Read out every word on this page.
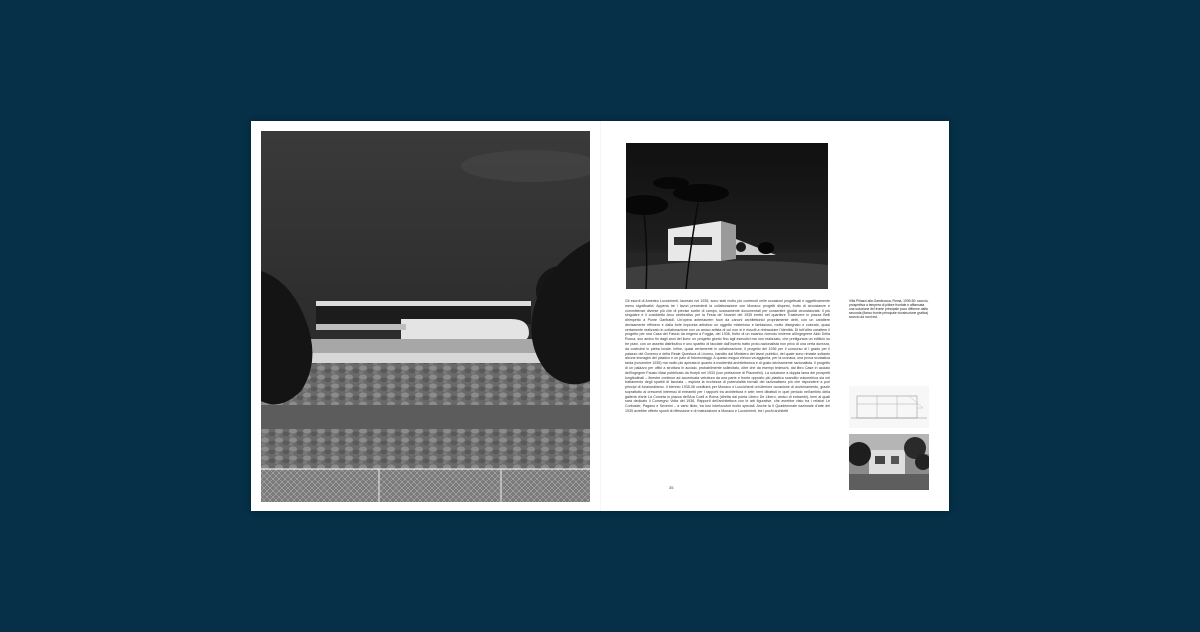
Gli esordi di Amedeo Luccichenti, laureato nel 1935, sono stati molto più contenuti nelle occasioni progettuali e oggettivamente meno significativi. Appena tre i lavori precedenti la collaborazione con Monaco: progetti dispersi, frutto di circostanze e committenze diverse più che di precise scelte di campo, scarsamente documentati per consentire giudizi circostanziati. Il più singolare è il cosiddetto Arco celebrativo per la Festa de' Noantri del 1935 eretto nel quartiere Trastevere in piazza Belli dirimpetto a Ponte Garibaldi. Un'opera anteriaurem fuori da canoni architettonici propriamente detti, con un carattere decisamente effimero e dalla forte impronta artistica: un oggetto misterioso e fantasioso, molto disegnato e colorato, quasi certamente realizzato in collaborazione con un amico artista di cui non si è riusciti a rintracciare l'identità. Di tutt'altro carattere il progetto per una Casa del Fascio da erigersi a Foggia, del 1936, frutto di un incarico ricevuto insieme all'ingegnere Aldo Della Rocca, suo amico fin dagli anni del liceo: un progetto giunto fino agli esecutivi ma non realizzato, che prefigurava un edificio su tre piani, con un assetto distributivo e uno spartito di facciate dall'incerto tratto proto-razionalista non privo di una certa durezza, da costruirsi in pietra locale. Infine, quasi certamente in collaborazione, il progetto del 1936 per il concorso di I grado per il palazzo del Governo e della Reale Questura di Livorno, bandito dal Ministero dei lavori pubblici, del quale sono rimaste soltanto alcune immagini del plastico e un paio di fotomontaggi. A questo esiguo elenco va aggiunta, per la cronaca, una prova scolastica tarda (novembre 1935) ma molto più aprirata in quanto a modernità architettonica e di gusto decisamente razionalista. Il progetto di un palazzo per uffici a struttura in acciaio, probabilmente sollecitato, oltre che da esempi tedeschi, dal libro Case in acciaio dell'ingegner Fausto Masi pubblicato da Hoepli nel 1933 (con prefazione di Piacentini). La soluzione a doppia lama dei prospetti longitudinali – finestre continue ad accentuata vetratura da una parte e fronte opposto più plastico scandito volumetrica sia nel trattamento degli spartiti di facciata – esplora la ricchezza di potenzialità formali del razionalismo più che rispondere a puri principi di funzionalismo. Il biennio 1935-36 costituirà per Monaco e Luccichenti un'ulteriore occasione di avvicinamento, grazie soprattutto ai crescenti interessi di entrambi per i rapporti tra architettura e arte: temi dibattuti in quel periodo nell'ambito della galleria d'arte La Cometa in piazza dell'Ara Coeli a Roma (diretta dal poeta Libero De Libero, amico di entrambi), temi ai quali sarà dedicato il Convegno Volta del 1936, Rapporti dell'architettura con le arti figurative, che avrebbe visto tra i relatori Le Corbusier, Pagano e Severini – a vario titolo, tra loro interlocutori molto speciali. Anche la II Quadriennale nazionale d'arte del 1935 avrebbe offerto spunti di riflessione e di maturazione a Monaco e Luccichenti, tra i pochi architetti

35
Villa Pirlasci alla Gambrocca, Roma, 1939-50: scorcio, prospettiva a tempera di pittore frontale e affiancata una soluzione del fronte principale poco difforme dalla seconda (fianco fronte principale ricostruzione grafica) scorcio da nord est.
